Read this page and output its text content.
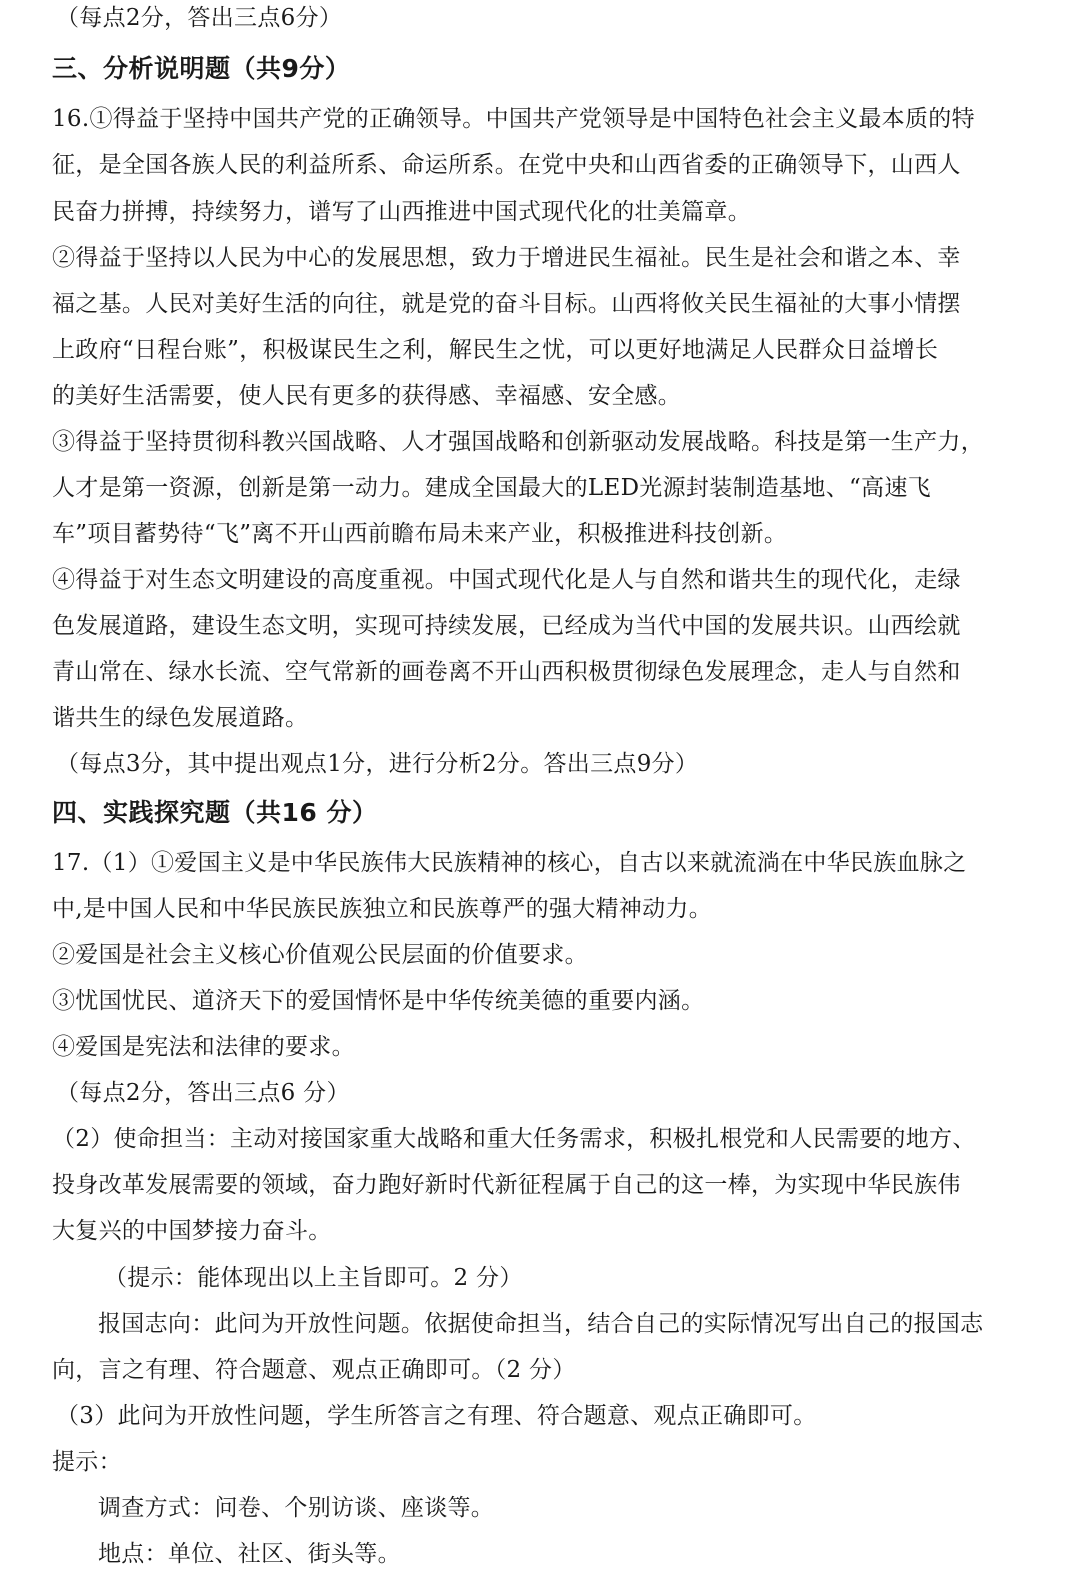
（每点2分，答出三点6分）
三、分析说明题（共9分）
16.①得益于坚持中国共产党的正确领导。中国共产党领导是中国特色社会主义最本质的特
征，是全国各族人民的利益所系、命运所系。在党中央和山西省委的正确领导下，山西人
民奋力拼搏，持续努力，谱写了山西推进中国式现代化的壮美篇章。
②得益于坚持以人民为中心的发展思想，致力于增进民生福祉。民生是社会和谐之本、幸
福之基。人民对美好生活的向往，就是党的奋斗目标。山西将攸关民生福祉的大事小情摆
上政府“日程台账”，积极谋民生之利，解民生之忧，可以更好地满足人民群众日益增长
的美好生活需要，使人民有更多的获得感、幸福感、安全感。
③得益于坚持贯彻科教兴国战略、人才强国战略和创新驱动发展战略。科技是第一生产力，
人才是第一资源，创新是第一动力。建成全国最大的LED光源封装制造基地、“高速飞
车”项目蓄势待“飞”离不开山西前瞻布局未来产业，积极推进科技创新。
④得益于对生态文明建设的高度重视。中国式现代化是人与自然和谐共生的现代化，走绿
色发展道路，建设生态文明，实现可持续发展，已经成为当代中国的发展共识。山西绘就
青山常在、绿水长流、空气常新的画卷离不开山西积极贯彻绿色发展理念，走人与自然和
谐共生的绿色发展道路。
（每点3分，其中提出观点1分，进行分析2分。答出三点9分）
四、实践探究题（共16 分）
17.（1）①爱国主义是中华民族伟大民族精神的核心，自古以来就流淌在中华民族血脉之
中,是中国人民和中华民族民族独立和民族尊严的强大精神动力。
②爱国是社会主义核心价值观公民层面的价值要求。
③忧国忧民、道济天下的爱国情怀是中华传统美德的重要内涵。
④爱国是宪法和法律的要求。
（每点2分，答出三点6 分）
（2）使命担当：主动对接国家重大战略和重大任务需求，积极扎根党和人民需要的地方、
投身改革发展需要的领域，奋力跑好新时代新征程属于自己的这一棒，为实现中华民族伟
大复兴的中国梦接力奋斗。
（提示：能体现出以上主旨即可。2 分）
报国志向：此问为开放性问题。依据使命担当，结合自己的实际情况写出自己的报国志
向，言之有理、符合题意、观点正确即可。（2 分）
（3）此问为开放性问题，学生所答言之有理、符合题意、观点正确即可。
提示：
调查方式：问卷、个别访谈、座谈等。
地点：单位、社区、街头等。
